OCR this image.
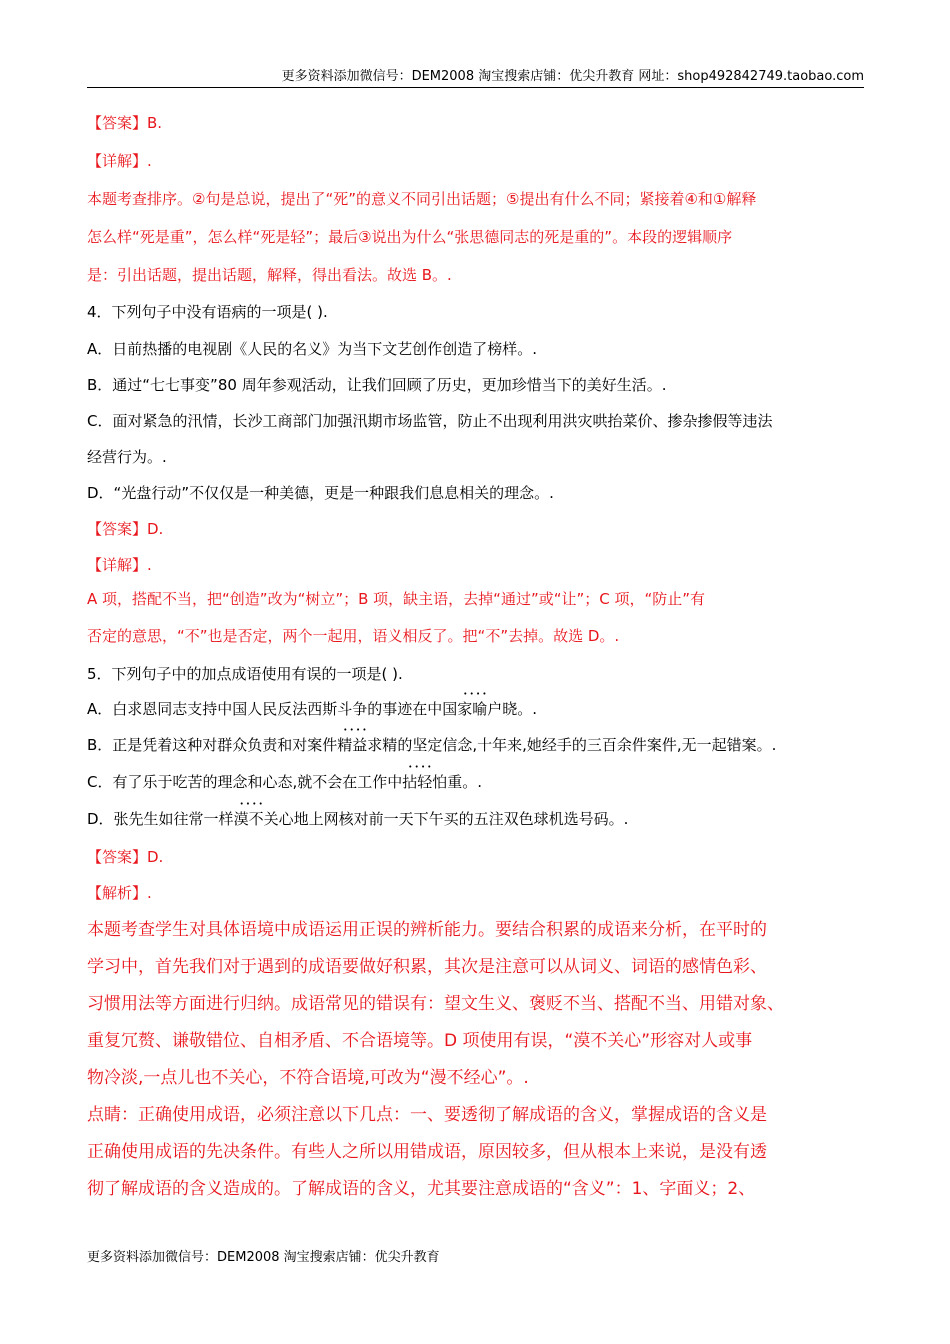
更多资料添加微信号：DEM2008 淘宝搜索店铺：优尖升教育 网址：shop492842749.taobao.com
【答案】B.
【详解】.
本题考查排序。②句是总说，提出了“死”的意义不同引出话题；⑤提出有什么不同；紧接着④和①解释
怎么样“死是重”，怎么样“死是轻”；最后③说出为什么“张思德同志的死是重的”。本段的逻辑顺序
是：引出话题，提出话题，解释，得出看法。故选 B。.
4．下列句子中没有语病的一项是( ).
A．日前热播的电视剧《人民的名义》为当下文艺创作创造了榜样。.
B．通过“七七事变”80 周年参观活动，让我们回顾了历史，更加珍惜当下的美好生活。.
C．面对紧急的汛情，长沙工商部门加强汛期市场监管，防止不出现利用洪灾哄抬菜价、掺杂掺假等违法
经营行为。.
D．“光盘行动”不仅仅是一种美德，更是一种跟我们息息相关的理念。.
【答案】D.
【详解】.
A 项，搭配不当，把“创造”改为“树立”；B 项，缺主语，去掉“通过”或“让”；C 项，“防止”有
否定的意思，“不”也是否定，两个一起用，语义相反了。把“不”去掉。故选 D。.
5．下列句子中的加点成语使用有误的一项是( ).
A．白求恩同志支持中国人民反法西斯斗争的事迹在中国• • 家喻户晓。.
B．正是凭着这种对群众负责和对案件• • 精益求精的坚定信念,十年来,她经手的三百余件案件,无一起错案。.
C．有了乐于吃苦的理念和心态,就不会在工作中• • 拈轻怕重。.
D．张先生如往常一样• • 漠不关心地上网核对前一天下午买的五注双色球机选号码。.
【答案】D.
【解析】.
本题考查学生对具体语境中成语运用正误的辨析能力。要结合积累的成语来分析，在平时的
学习中，首先我们对于遇到的成语要做好积累，其次是注意可以从词义、词语的感情色彩、
习惯用法等方面进行归纳。成语常见的错误有：望文生义、褒贬不当、搭配不当、用错对象、
重复冗赘、谦敬错位、自相矛盾、不合语境等。D 项使用有误，“漠不关心”形容对人或事
物冷淡,一点儿也不关心，不符合语境,可改为“漫不经心”。.
点睛：正确使用成语，必须注意以下几点：一、要透彻了解成语的含义，掌握成语的含义是
正确使用成语的先决条件。有些人之所以用错成语，原因较多，但从根本上来说，是没有透
彻了解成语的含义造成的。了解成语的含义，尤其要注意成语的“含义”：1、字面义；2、
更多资料添加微信号：DEM2008 淘宝搜索店铺：优尖升教育
